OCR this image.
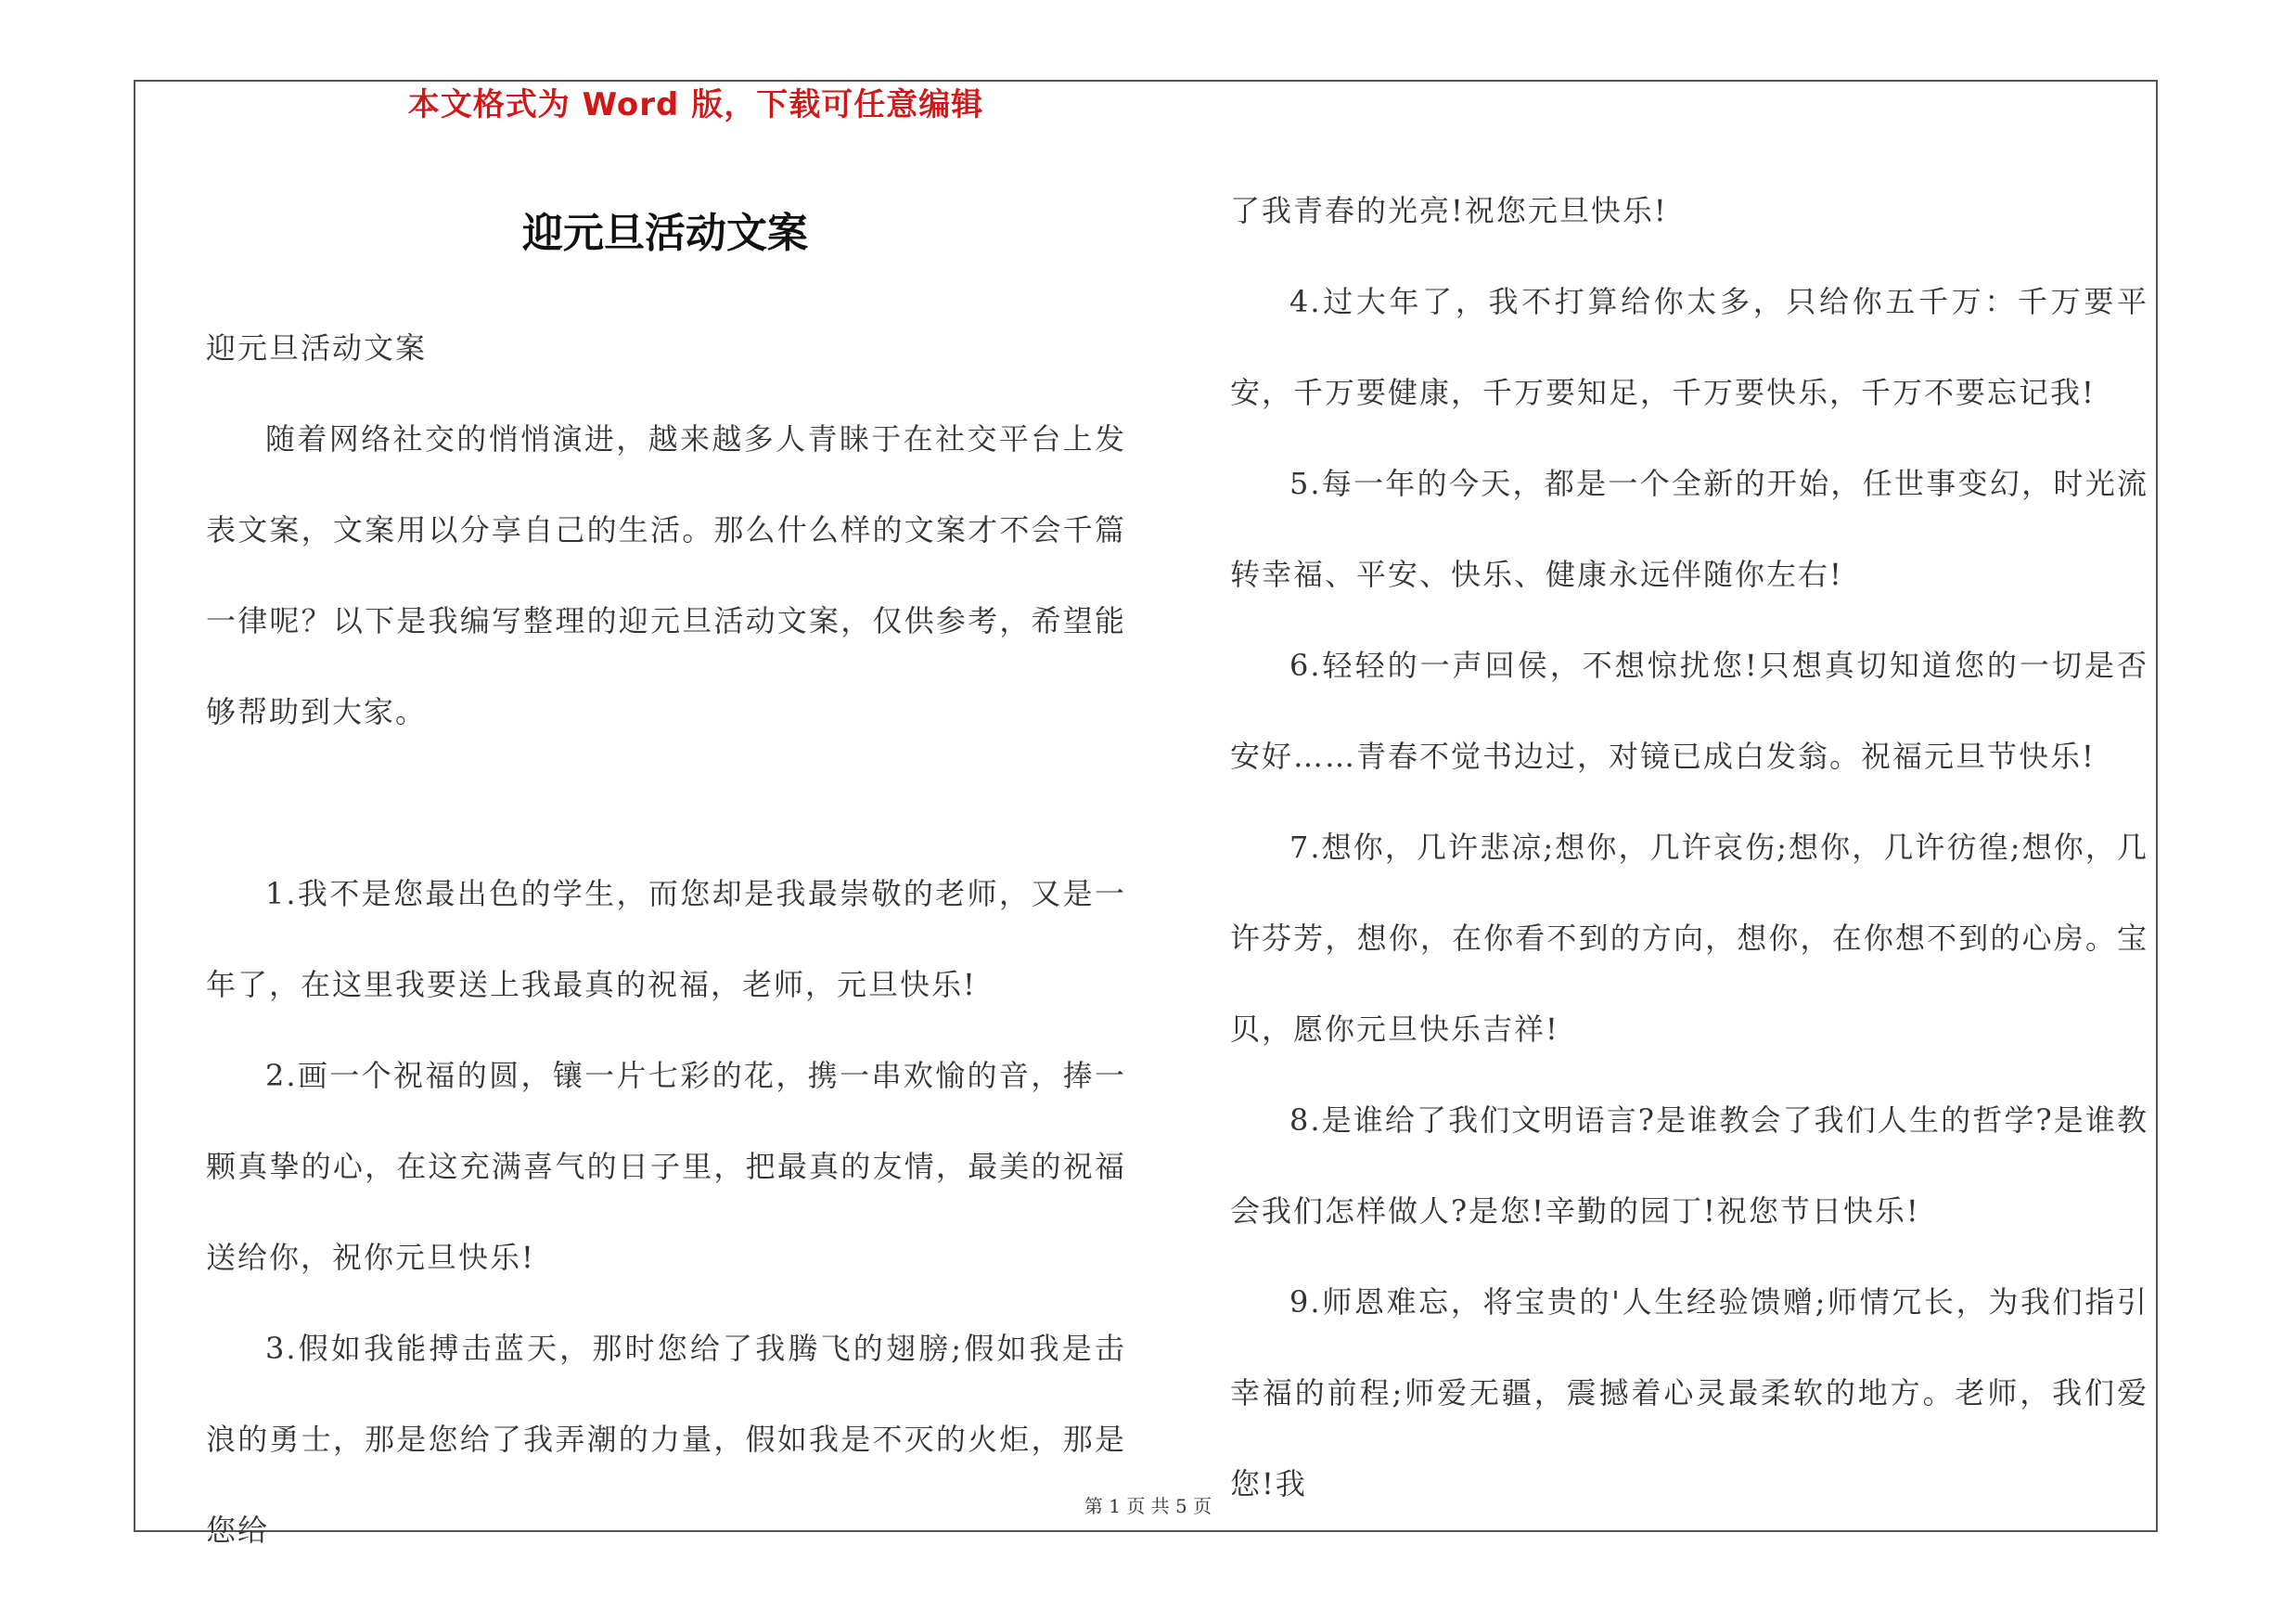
本文格式为 Word 版，下载可任意编辑
迎元旦活动文案

迎元旦活动文案

随着网络社交的悄悄演进，越来越多人青睐于在社交平台上发表文案，文案用以分享自己的生活。那么什么样的文案才不会千篇一律呢？以下是我编写整理的迎元旦活动文案，仅供参考，希望能够帮助到大家。

1.我不是您最出色的学生，而您却是我最崇敬的老师，又是一年了，在这里我要送上我最真的祝福，老师，元旦快乐!

2.画一个祝福的圆，镶一片七彩的花，携一串欢愉的音，捧一颗真挚的心，在这充满喜气的日子里，把最真的友情，最美的祝福送给你，祝你元旦快乐!

3.假如我能搏击蓝天，那时您给了我腾飞的翅膀;假如我是击浪的勇士，那是您给了我弄潮的力量，假如我是不灭的火炬，那是您给

了我青春的光亮!祝您元旦快乐!

4.过大年了，我不打算给你太多，只给你五千万：千万要平安，千万要健康，千万要知足，千万要快乐，千万不要忘记我!

5.每一年的今天，都是一个全新的开始，任世事变幻，时光流转幸福、平安、快乐、健康永远伴随你左右!

6.轻轻的一声回侯，不想惊扰您!只想真切知道您的一切是否安好……青春不觉书边过，对镜已成白发翁。祝福元旦节快乐!

7.想你，几许悲凉;想你，几许哀伤;想你，几许彷徨;想你，几许芬芳，想你，在你看不到的方向，想你，在你想不到的心房。宝贝，愿你元旦快乐吉祥!

8.是谁给了我们文明语言?是谁教会了我们人生的哲学?是谁教会我们怎样做人?是您!辛勤的园丁!祝您节日快乐!

9.师恩难忘，将宝贵的'人生经验馈赠;师情冗长，为我们指引幸福的前程;师爱无疆，震撼着心灵最柔软的地方。老师，我们爱您!我

第 1 页 共 5 页
